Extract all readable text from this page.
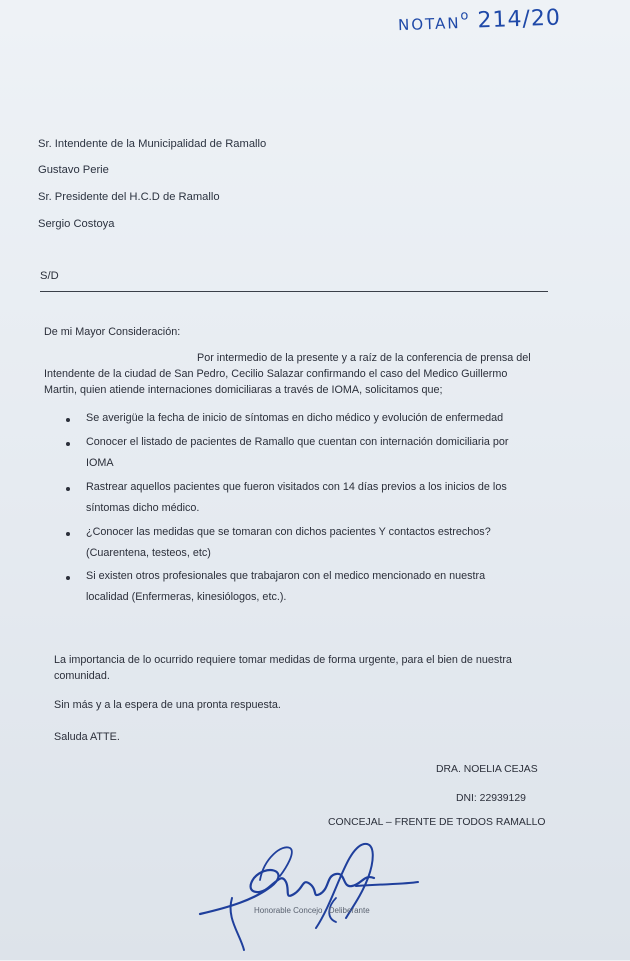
NOTAN$^o$ 214/20
Sr. Intendente de la Municipalidad de Ramallo
Gustavo Perie
Sr. Presidente del H.C.D de Ramallo
Sergio Costoya
S/D
De mi Mayor Consideración:
Por intermedio de la presente y a raíz de la conferencia de prensa del
Intendente de la ciudad de San Pedro, Cecilio Salazar confirmando el caso del Medico Guillermo
Martin, quien atiende internaciones domiciliaras a través de IOMA, solicitamos que;
Se averigüe la fecha de inicio de síntomas en dicho médico y evolución de enfermedad
Conocer el listado de pacientes de Ramallo que cuentan con internación domiciliaria por
IOMA
Rastrear aquellos pacientes que fueron visitados con 14 días previos a los inicios de los
síntomas dicho médico.
¿Conocer las medidas que se tomaran con dichos pacientes Y contactos estrechos?
(Cuarentena, testeos, etc)
Si existen otros profesionales que trabajaron con el medico mencionado en nuestra
localidad (Enfermeras, kinesiólogos, etc.).
La importancia de lo ocurrido requiere tomar medidas de forma urgente, para el bien de nuestra
comunidad.
Sin más y a la espera de una pronta respuesta.
Saluda ATTE.
DRA. NOELIA CEJAS
DNI: 22939129
CONCEJAL – FRENTE DE TODOS RAMALLO
Honorable Concejo Deliberante
